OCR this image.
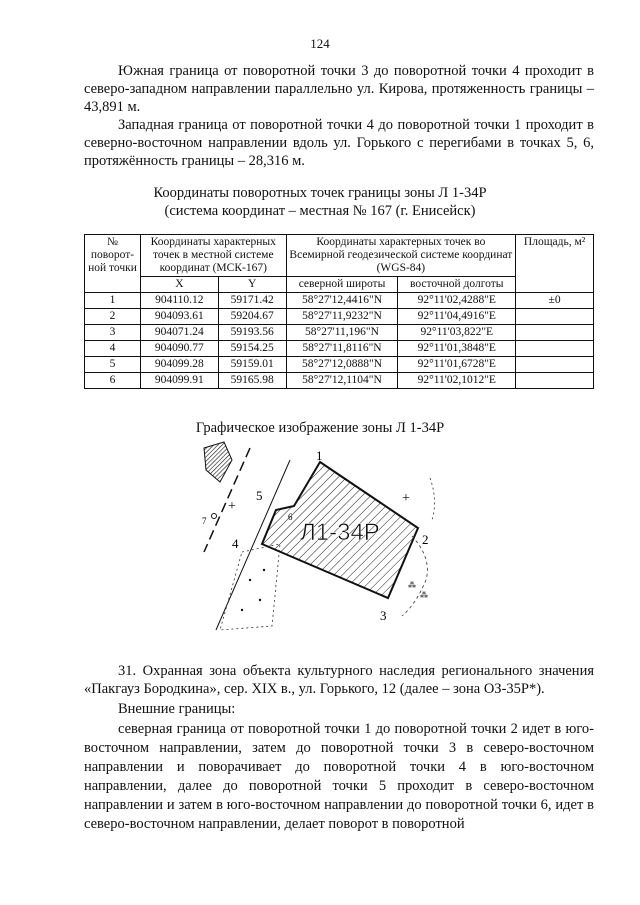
124

Южная граница от поворотной точки 3 до поворотной точки 4 проходит в северо-западном направлении параллельно ул. Кирова, протяженность границы – 43,891 м.

Западная граница от поворотной точки 4 до поворотной точки 1 проходит в северно-восточном направлении вдоль ул. Горького с перегибами в точках 5, 6, протяжённость границы – 28,316 м.

Координаты поворотных точек границы зоны Л 1-34Р
(система координат – местная № 167 (г. Енисейск)
№ поворот-ной точки	Координаты характерных точек в местной системе координат (МСК-167)		Координаты характерных точек во Всемирной геодезической системе координат (WGS-84)		Площадь, м²
	X	Y	северной широты	восточной долготы	
1	904110.12	59171.42	58°27'12,4416"N	92°11'02,4288"E	±0
2	904093.61	59204.67	58°27'11,9232"N	92°11'04,4916"E	
3	904071.24	59193.56	58°27'11,196"N	92°11'03,822"E	
4	904090.77	59154.25	58°27'11,8116"N	92°11'01,3848"E	
5	904099.28	59159.01	58°27'12,0888"N	92°11'01,6728"E	
6	904099.91	59165.98	58°27'12,1104"N	92°11'02,1012"E	
Графическое изображение зоны Л 1-34Р
⁂
⁂
Л1-34Р
1
2
3
4
5
6
+
+
7

31. Охранная зона объекта культурного наследия регионального значения «Пакгауз Бородкина», сер. XIX в., ул. Горького, 12 (далее – зона ОЗ-35Р*).

Внешние границы:

северная граница от поворотной точки 1 до поворотной точки 2 идет в юго-восточном направлении, затем до поворотной точки 3 в северо-восточном направлении и поворачивает до поворотной точки 4 в юго-восточном направлении, далее до поворотной точки 5 проходит в северо-восточном направлении и затем в юго-восточном направлении до поворотной точки 6, идет в северо-восточном направлении, делает поворот в поворотной
